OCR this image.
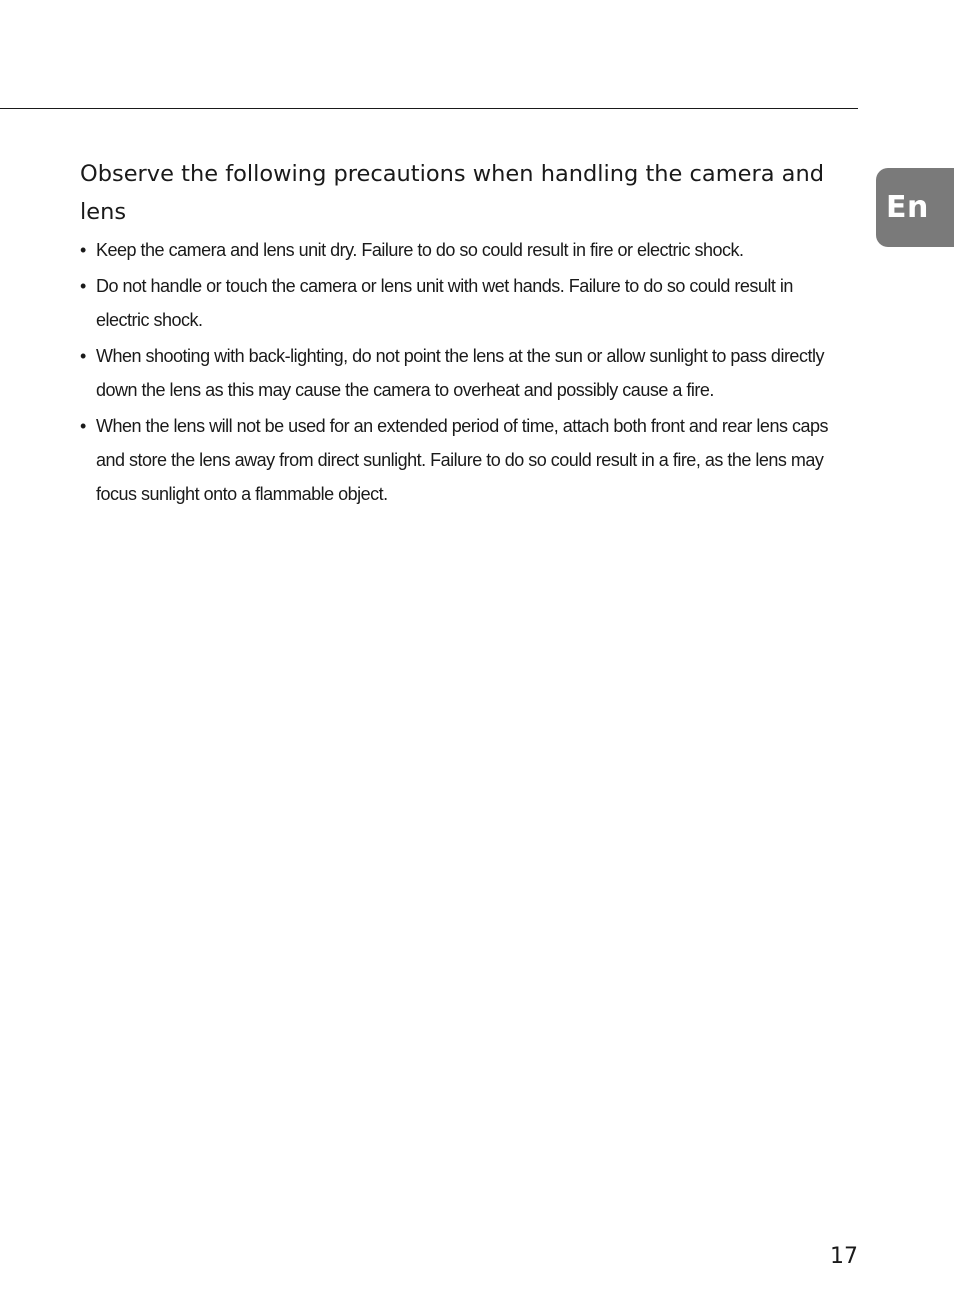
En
Observe the following precautions when handling the camera and lens
• Keep the camera and lens unit dry. Failure to do so could result in fire or electric shock.
• Do not handle or touch the camera or lens unit with wet hands. Failure to do so could result in electric shock.
• When shooting with back-lighting, do not point the lens at the sun or allow sunlight to pass directly down the lens as this may cause the camera to overheat and possibly cause a fire.
• When the lens will not be used for an extended period of time, attach both front and rear lens caps and store the lens away from direct sunlight. Failure to do so could result in a fire, as the lens may focus sunlight onto a flammable object.
17
